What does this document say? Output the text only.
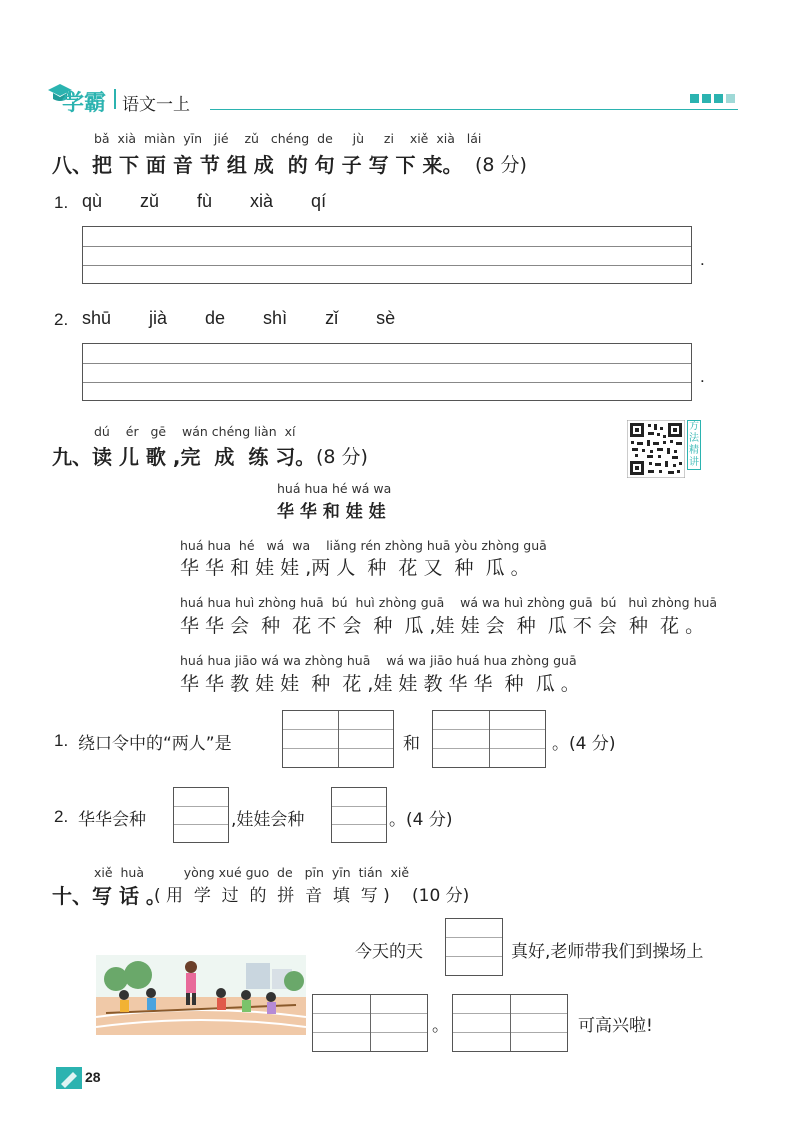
学霸 语文一上
bǎ  xià  miàn  yīn   jié    zǔ   chéng  de     jù     zi    xiě  xià   lái
八、把 下 面 音 节 组 成  的 句 子 写 下 来。 (8 分)
1. qù  zǔ  fù  xià  qí
.
2. shū  jià  de  shì  zǐ  sè
.
dú    ér   gē    wán chéng liàn  xí
九、读 儿 歌 ,完  成  练 习。 (8 分)
方法精讲
huá hua hé wá wa
华 华 和 娃 娃
huá hua  hé   wá  wa    liǎng rén zhòng huā yòu zhòng guā
华 华 和 娃 娃 ,两 人  种  花 又  种  瓜 。
huá hua huì zhòng huā  bú  huì zhòng guā    wá wa huì zhòng guā  bú   huì zhòng huā
华 华 会  种  花 不 会  种  瓜 ,娃 娃 会  种  瓜 不 会  种  花 。
huá hua jiāo wá wa zhòng huā    wá wa jiāo huá hua zhòng guā
华 华 教 娃 娃  种  花 ,娃 娃 教 华 华  种  瓜 。
1. 绕口令中的“两人”是	和	。(4 分)
2. 华华会种	,娃娃会种	。(4 分)
xiě  huà          yòng xué guo  de   pīn  yīn  tián  xiě
十、写 话 。
( 用  学  过  的  拼  音  填  写 ) (10 分)
今天的天	真好,老师带我们到操场上
。	可高兴啦!
28
